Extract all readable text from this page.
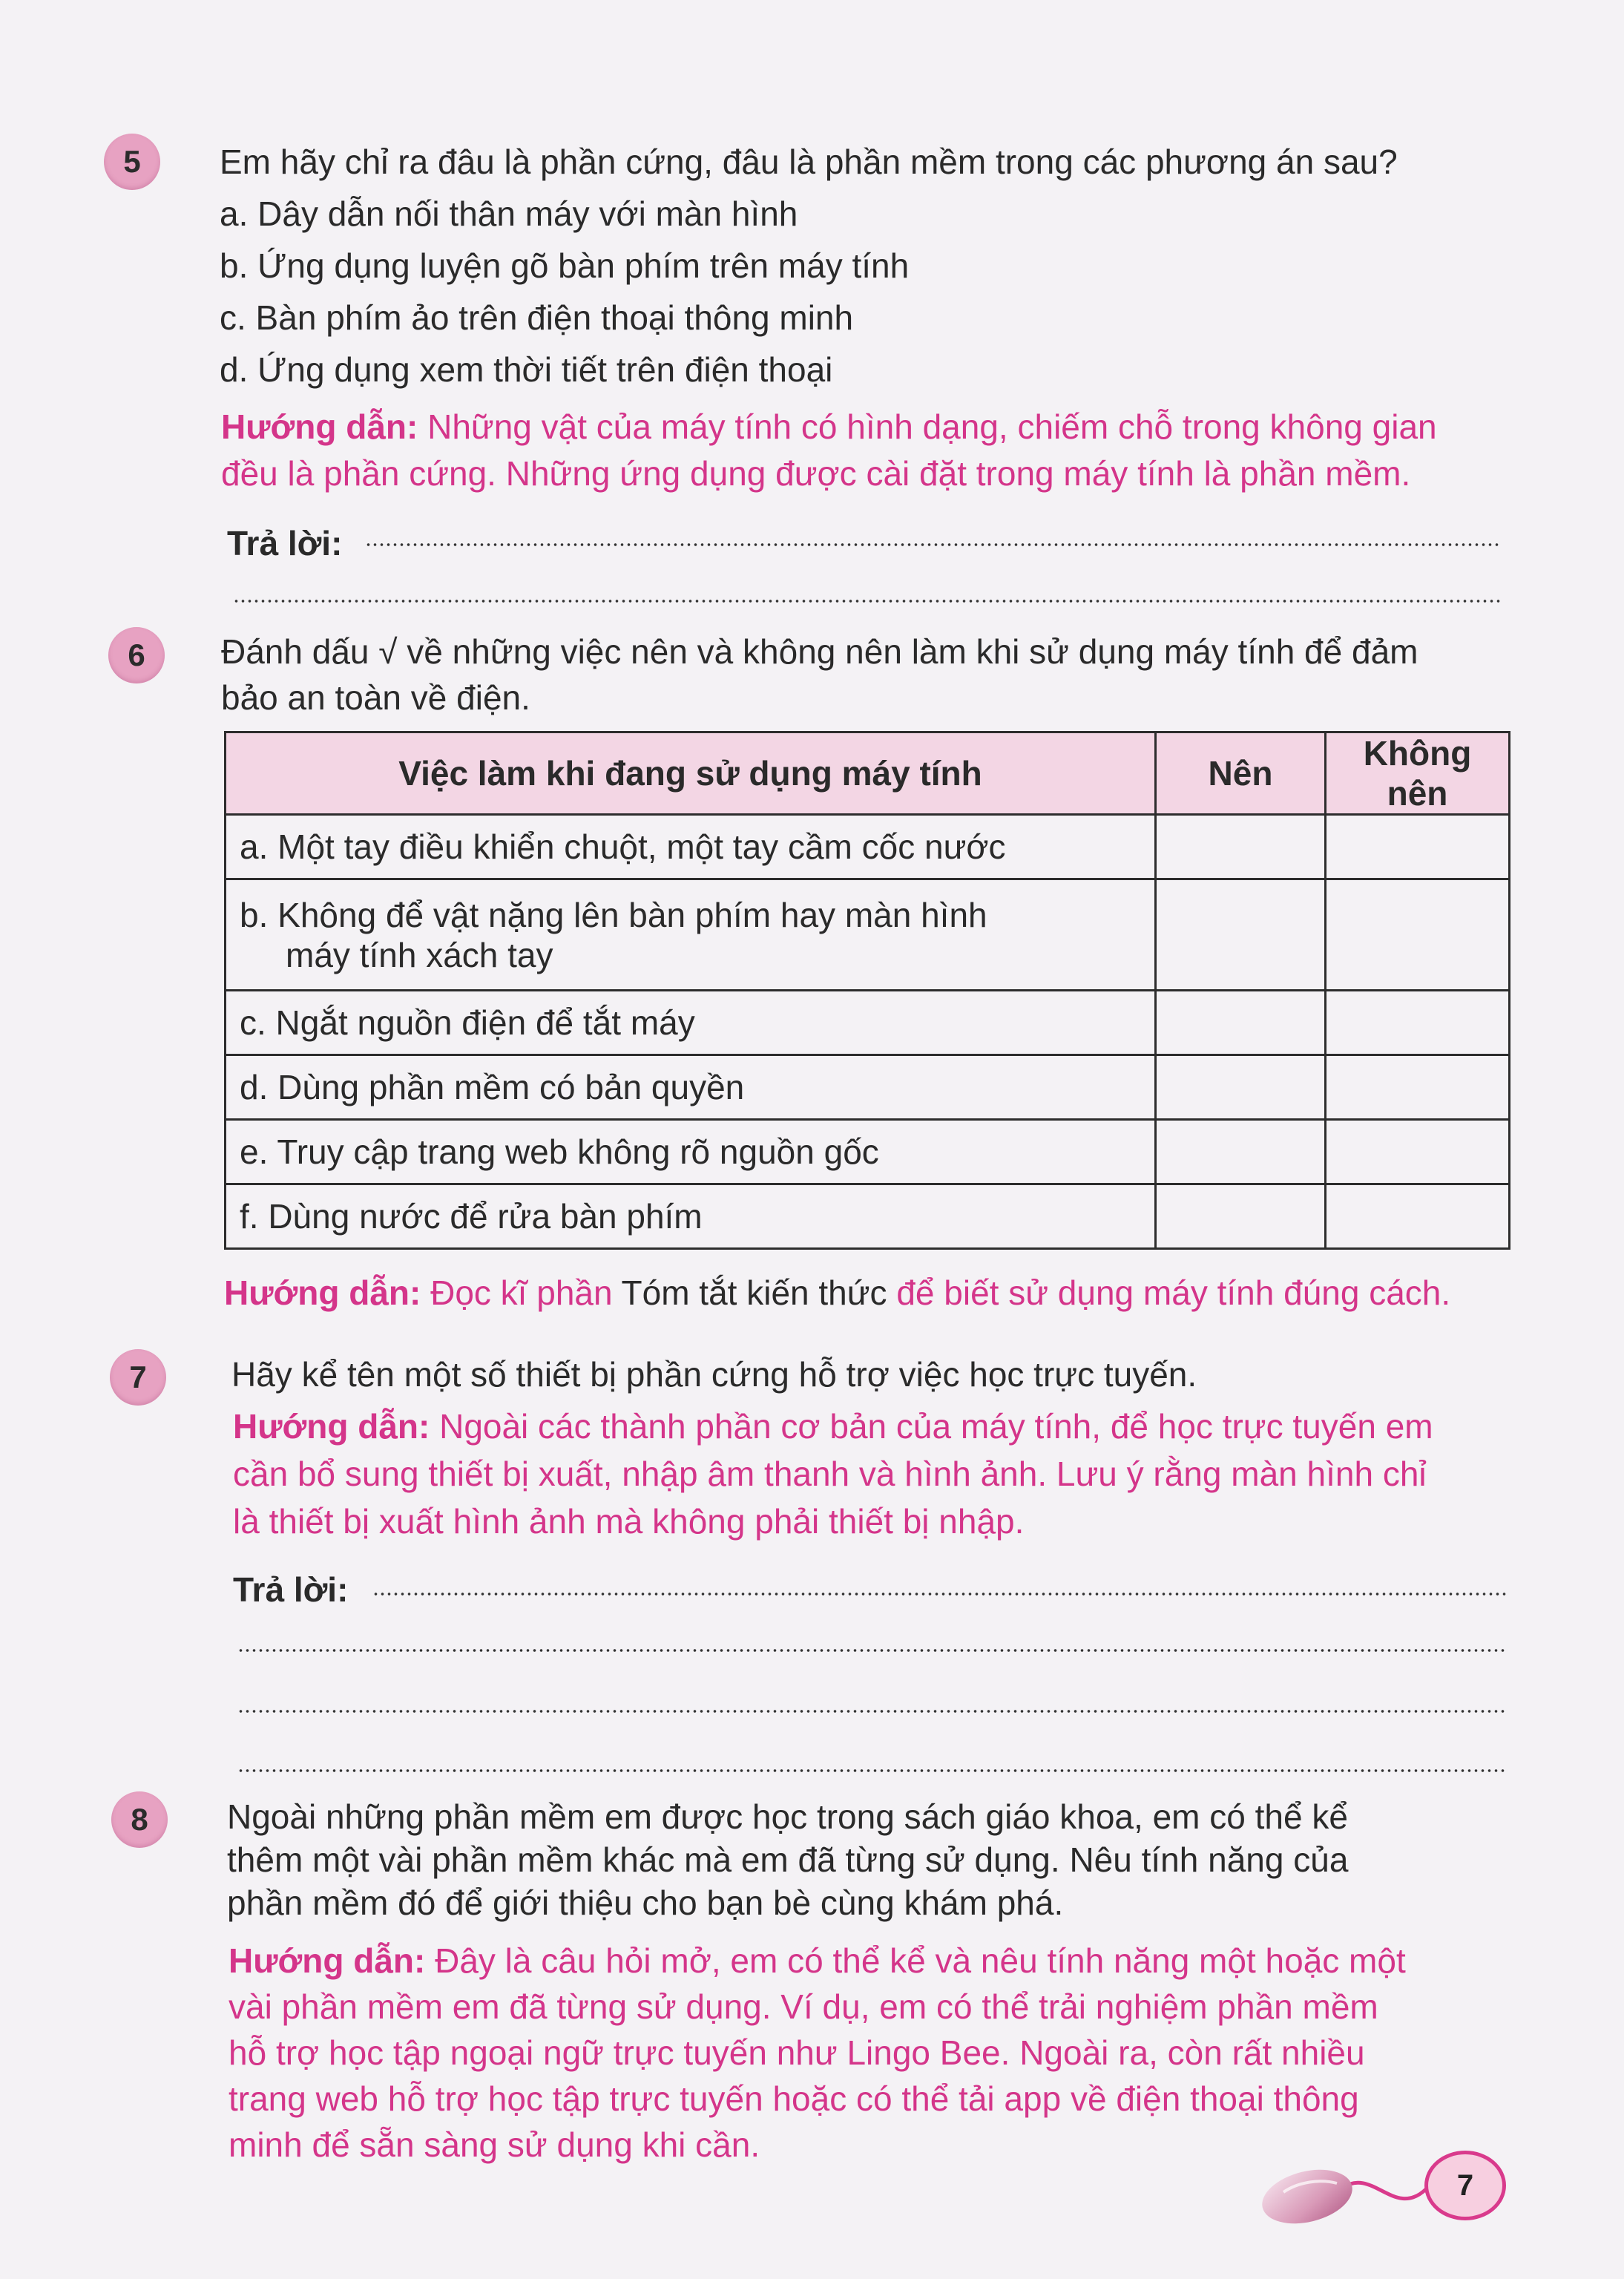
5 Em hãy chỉ ra đâu là phần cứng, đâu là phần mềm trong các phương án sau?
a. Dây dẫn nối thân máy với màn hình
b. Ứng dụng luyện gõ bàn phím trên máy tính
c. Bàn phím ảo trên điện thoại thông minh
d. Ứng dụng xem thời tiết trên điện thoại
Hướng dẫn: Những vật của máy tính có hình dạng, chiếm chỗ trong không gian
đều là phần cứng. Những ứng dụng được cài đặt trong máy tính là phần mềm.
Trả lời:
6 Đánh dấu √ về những việc nên và không nên làm khi sử dụng máy tính để đảm
bảo an toàn về điện.
Việc làm khi đang sử dụng máy tính	Nên	Không nên
a. Một tay điều khiển chuột, một tay cầm cốc nước		

b. Không để vật nặng lên bàn phím hay màn hình
máy tính xách tay		

c. Ngắt nguồn điện để tắt máy		
d. Dùng phần mềm có bản quyền		
e. Truy cập trang web không rõ nguồn gốc		
f. Dùng nước để rửa bàn phím		
Hướng dẫn: Đọc kĩ phần Tóm tắt kiến thức để biết sử dụng máy tính đúng cách.
7 Hãy kể tên một số thiết bị phần cứng hỗ trợ việc học trực tuyến.
Hướng dẫn: Ngoài các thành phần cơ bản của máy tính, để học trực tuyến em
cần bổ sung thiết bị xuất, nhập âm thanh và hình ảnh. Lưu ý rằng màn hình chỉ
là thiết bị xuất hình ảnh mà không phải thiết bị nhập.
Trả lời:
8 Ngoài những phần mềm em được học trong sách giáo khoa, em có thể kể
thêm một vài phần mềm khác mà em đã từng sử dụng. Nêu tính năng của
phần mềm đó để giới thiệu cho bạn bè cùng khám phá.
Hướng dẫn: Đây là câu hỏi mở, em có thể kể và nêu tính năng một hoặc một
vài phần mềm em đã từng sử dụng. Ví dụ, em có thể trải nghiệm phần mềm
hỗ trợ học tập ngoại ngữ trực tuyến như Lingo Bee. Ngoài ra, còn rất nhiều
trang web hỗ trợ học tập trực tuyến hoặc có thể tải app về điện thoại thông
minh để sẵn sàng sử dụng khi cần.
7
